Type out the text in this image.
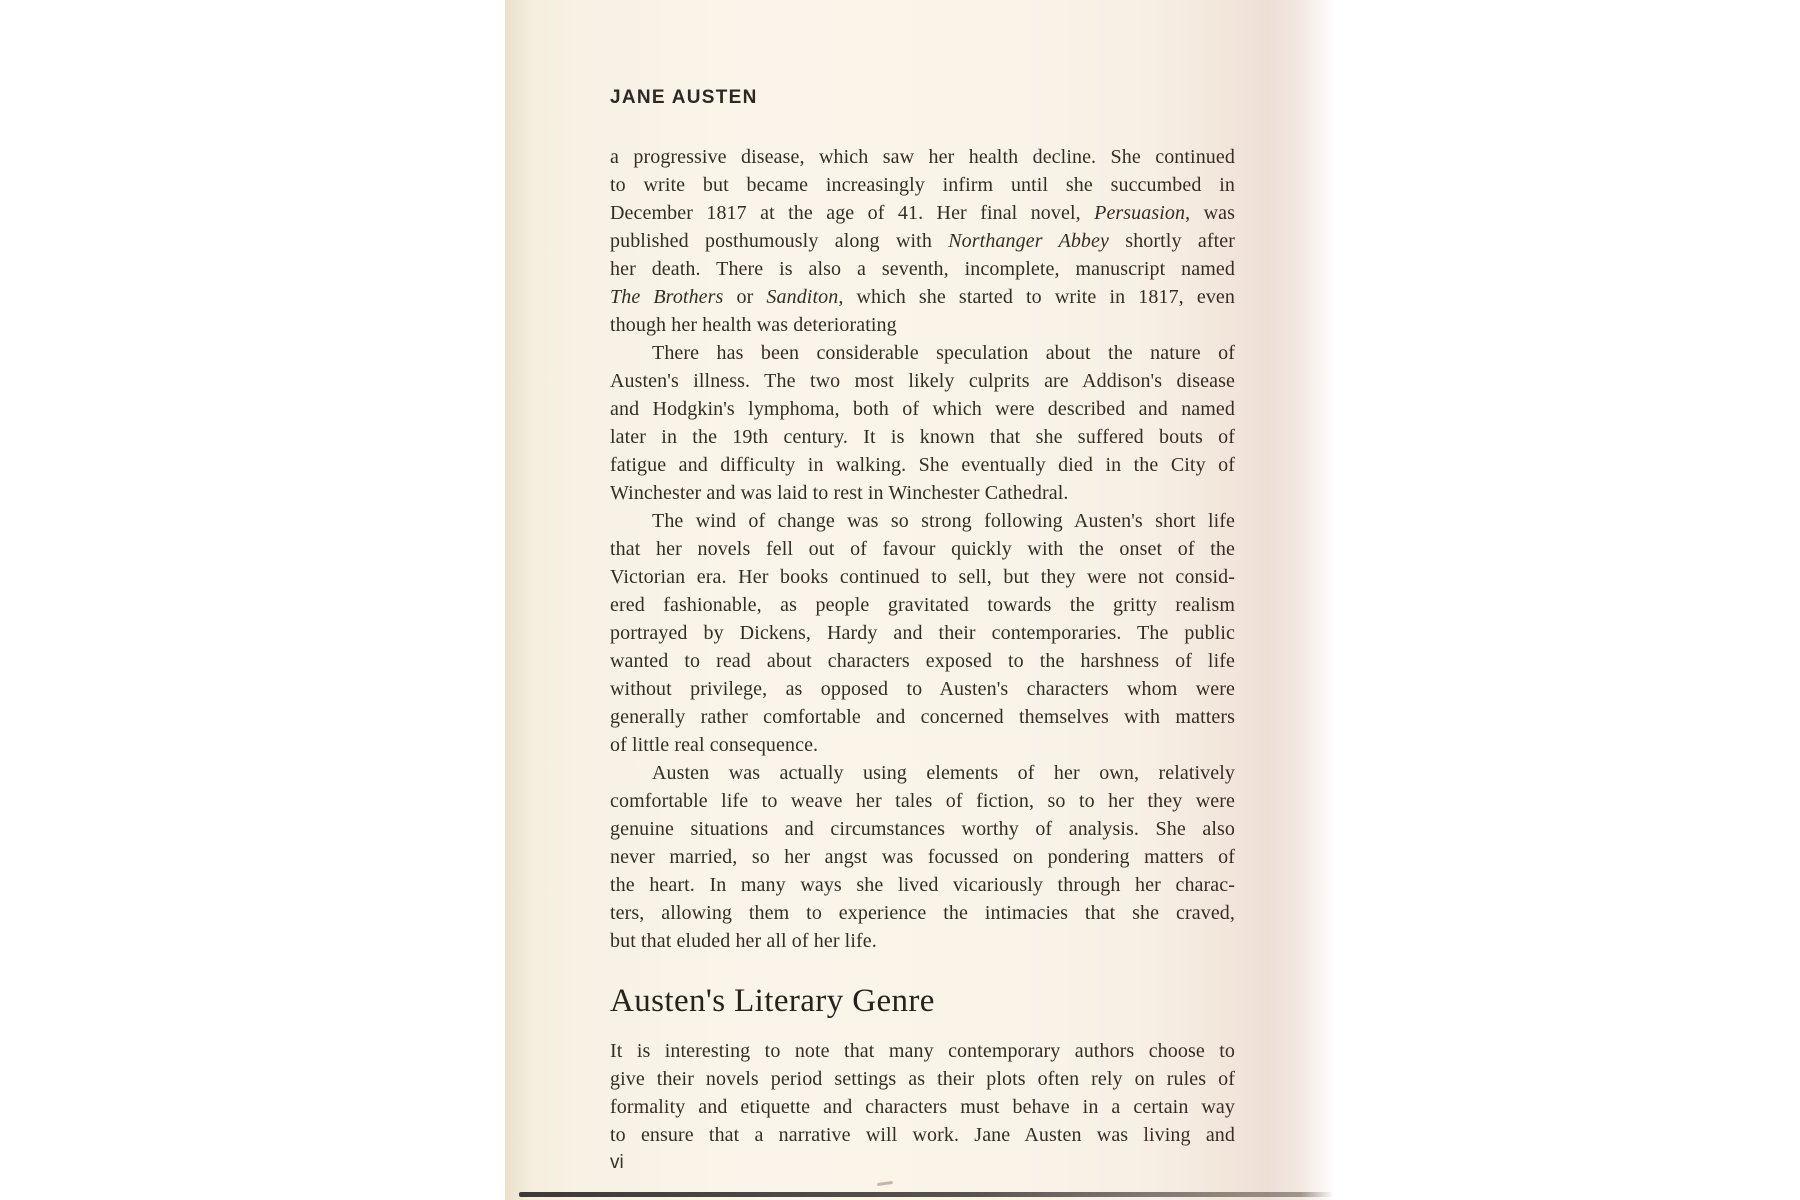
JANE AUSTEN
a progressive disease, which saw her health decline. She continued
to write but became increasingly infirm until she succumbed in
December 1817 at the age of 41. Her final novel, Persuasion, was
published posthumously along with Northanger Abbey shortly after
her death. There is also a seventh, incomplete, manuscript named
The Brothers or Sanditon, which she started to write in 1817, even
though her health was deteriorating
There has been considerable speculation about the nature of
Austen's illness. The two most likely culprits are Addison's disease
and Hodgkin's lymphoma, both of which were described and named
later in the 19th century. It is known that she suffered bouts of
fatigue and difficulty in walking. She eventually died in the City of
Winchester and was laid to rest in Winchester Cathedral.
The wind of change was so strong following Austen's short life
that her novels fell out of favour quickly with the onset of the
Victorian era. Her books continued to sell, but they were not consid-
ered fashionable, as people gravitated towards the gritty realism
portrayed by Dickens, Hardy and their contemporaries. The public
wanted to read about characters exposed to the harshness of life
without privilege, as opposed to Austen's characters whom were
generally rather comfortable and concerned themselves with matters
of little real consequence.
Austen was actually using elements of her own, relatively
comfortable life to weave her tales of fiction, so to her they were
genuine situations and circumstances worthy of analysis. She also
never married, so her angst was focussed on pondering matters of
the heart. In many ways she lived vicariously through her charac-
ters, allowing them to experience the intimacies that she craved,
but that eluded her all of her life.
Austen's Literary Genre
It is interesting to note that many contemporary authors choose to
give their novels period settings as their plots often rely on rules of
formality and etiquette and characters must behave in a certain way
to ensure that a narrative will work. Jane Austen was living and
vi
